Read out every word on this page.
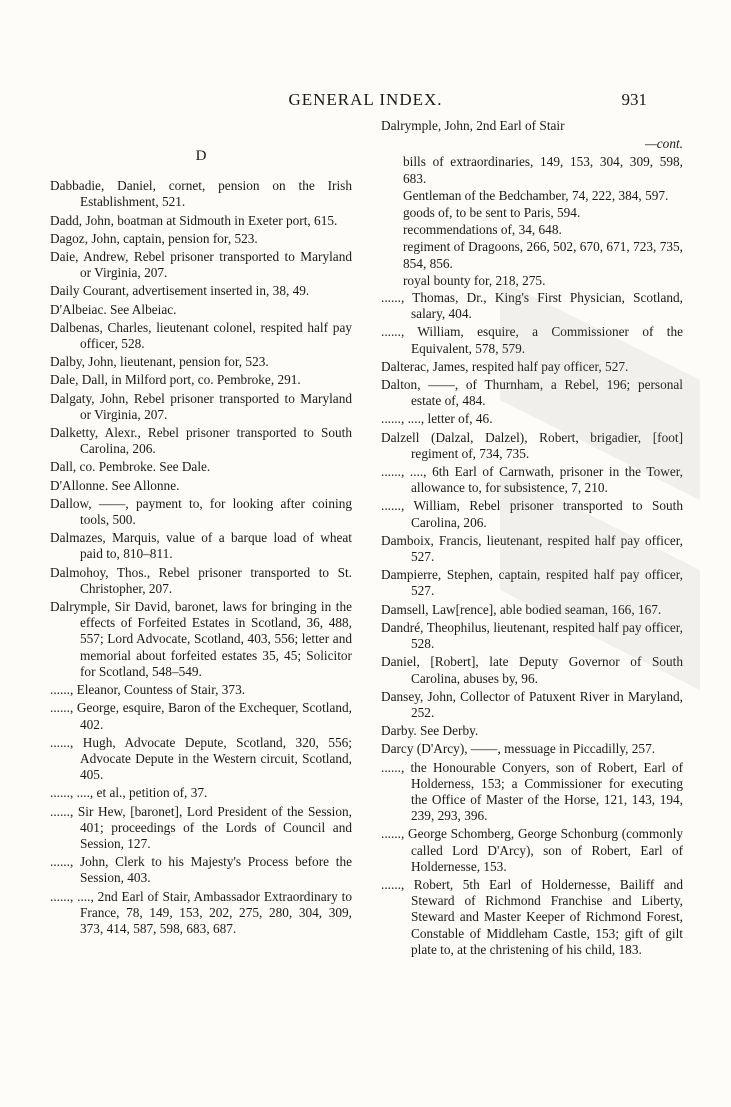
GENERAL INDEX.	931
D
Dabbadie, Daniel, cornet, pension on the Irish Establishment, 521.
Dadd, John, boatman at Sidmouth in Exeter port, 615.
Dagoz, John, captain, pension for, 523.
Daie, Andrew, Rebel prisoner transported to Maryland or Virginia, 207.
Daily Courant, advertisement inserted in, 38, 49.
D'Albeiac. See Albeiac.
Dalbenas, Charles, lieutenant colonel, respited half pay officer, 528.
Dalby, John, lieutenant, pension for, 523.
Dale, Dall, in Milford port, co. Pembroke, 291.
Dalgaty, John, Rebel prisoner transported to Maryland or Virginia, 207.
Dalketty, Alexr., Rebel prisoner transported to South Carolina, 206.
Dall, co. Pembroke. See Dale.
D'Allonne. See Allonne.
Dallow, ——, payment to, for looking after coining tools, 500.
Dalmazes, Marquis, value of a barque load of wheat paid to, 810–811.
Dalmohoy, Thos., Rebel prisoner transported to St. Christopher, 207.
Dalrymple, Sir David, baronet, laws for bringing in the effects of Forfeited Estates in Scotland, 36, 488, 557; Lord Advocate, Scotland, 403, 556; letter and memorial about forfeited estates 35, 45; Solicitor for Scotland, 548–549.
......, Eleanor, Countess of Stair, 373.
......, George, esquire, Baron of the Exchequer, Scotland, 402.
......, Hugh, Advocate Depute, Scotland, 320, 556; Advocate Depute in the Western circuit, Scotland, 405.
......, ...., et al., petition of, 37.
......, Sir Hew, [baronet], Lord President of the Session, 401; proceedings of the Lords of Council and Session, 127.
......, John, Clerk to his Majesty's Process before the Session, 403.
......, ...., 2nd Earl of Stair, Ambassador Extraordinary to France, 78, 149, 153, 202, 275, 280, 304, 309, 373, 414, 587, 598, 683, 687.
Dalrymple, John, 2nd Earl of Stair
—cont.
bills of extraordinaries, 149, 153, 304, 309, 598, 683.
Gentleman of the Bedchamber, 74, 222, 384, 597.
goods of, to be sent to Paris, 594.
recommendations of, 34, 648.
regiment of Dragoons, 266, 502, 670, 671, 723, 735, 854, 856.
royal bounty for, 218, 275.
......, Thomas, Dr., King's First Physician, Scotland, salary, 404.
......, William, esquire, a Commissioner of the Equivalent, 578, 579.
Dalterac, James, respited half pay officer, 527.
Dalton, ——, of Thurnham, a Rebel, 196; personal estate of, 484.
......, ...., letter of, 46.
Dalzell (Dalzal, Dalzel), Robert, brigadier, [foot] regiment of, 734, 735.
......, ...., 6th Earl of Carnwath, prisoner in the Tower, allowance to, for subsistence, 7, 210.
......, William, Rebel prisoner transported to South Carolina, 206.
Damboix, Francis, lieutenant, respited half pay officer, 527.
Dampierre, Stephen, captain, respited half pay officer, 527.
Damsell, Law[rence], able bodied seaman, 166, 167.
Dandré, Theophilus, lieutenant, respited half pay officer, 528.
Daniel, [Robert], late Deputy Governor of South Carolina, abuses by, 96.
Dansey, John, Collector of Patuxent River in Maryland, 252.
Darby. See Derby.
Darcy (D'Arcy), ——, messuage in Piccadilly, 257.
......, the Honourable Conyers, son of Robert, Earl of Holderness, 153; a Commissioner for executing the Office of Master of the Horse, 121, 143, 194, 239, 293, 396.
......, George Schomberg, George Schonburg (commonly called Lord D'Arcy), son of Robert, Earl of Holdernesse, 153.
......, Robert, 5th Earl of Holdernesse, Bailiff and Steward of Richmond Franchise and Liberty, Steward and Master Keeper of Richmond Forest, Constable of Middleham Castle, 153; gift of gilt plate to, at the christening of his child, 183.
